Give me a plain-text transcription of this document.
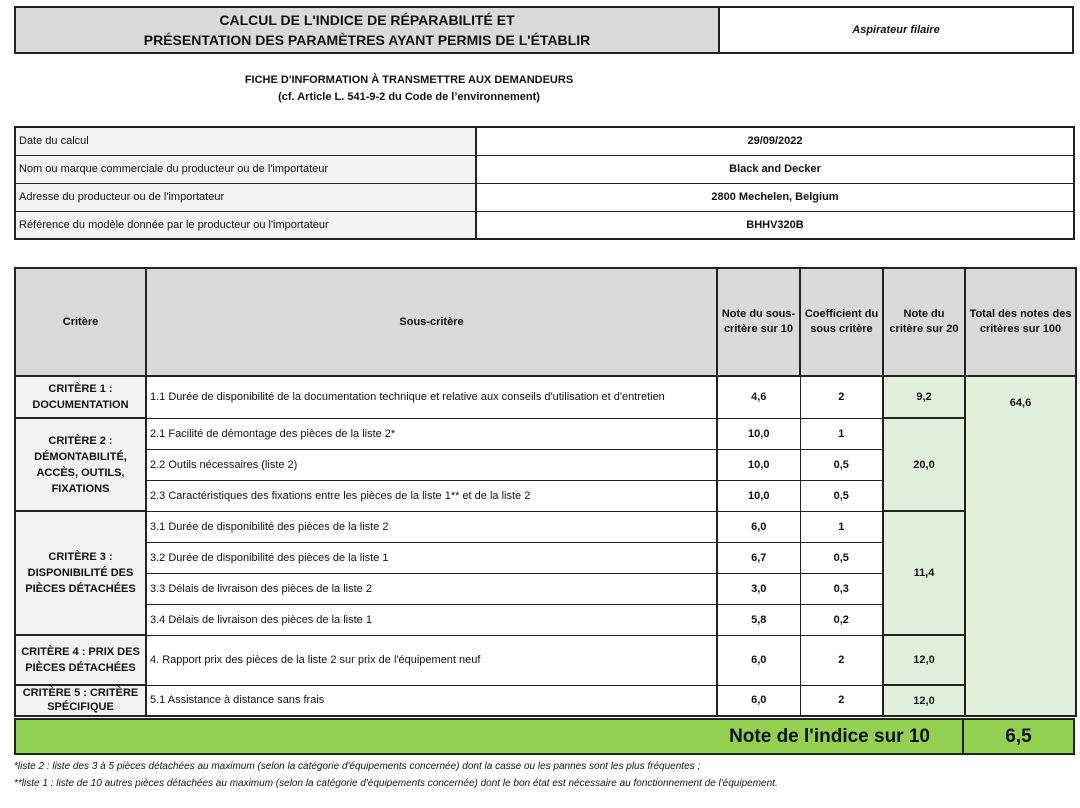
CALCUL DE L'INDICE DE RÉPARABILITÉ ET
PRÉSENTATION DES PARAMÈTRES AYANT PERMIS DE L'ÉTABLIR
Aspirateur filaire
FICHE D'INFORMATION À TRANSMETTRE AUX DEMANDEURS
(cf. Article L. 541-9-2 du Code de l’environnement)
Date du calcul	29/09/2022
Nom ou marque commerciale du producteur ou de l'importateur	Black and Decker
Adresse du producteur ou de l'importateur	2800 Mechelen, Belgium
Référence du modèle donnée par le producteur ou l'importateur	BHHV320B
Critère	Sous-critère	Note du sous-critère sur 10	Coefficient du sous critère	Note du critère sur 20	Total des notes des critères sur 100
CRITÈRE 1 : DOCUMENTATION	1.1 Durée de disponibilité de la documentation technique et relative aux conseils d'utilisation et d'entretien	4,6	2	9,2	64,6
CRITÈRE 2 : DÉMONTABILITÉ, ACCÈS, OUTILS, FIXATIONS	2.1 Facilité de démontage des pièces de la liste 2*	10,0	1	20,0	
	2.2 Outils nécessaires (liste 2)	10,0	0,5		
	2.3 Caractéristiques des fixations entre les pièces de la liste 1** et de la liste 2	10,0	0,5		
CRITÈRE 3 : DISPONIBILITÉ DES PIÈCES DÉTACHÉES	3.1 Durée de disponibilité des pièces de la liste 2	6,0	1	11,4	
	3.2 Durée de disponibilité des pièces de la liste 1	6,7	0,5		
	3.3 Délais de livraison des pièces de la liste 2	3,0	0,3		
	3.4 Délais de livraison des pièces de la liste 1	5,8	0,2		
CRITÈRE 4 : PRIX DES PIÈCES DÉTACHÉES	4. Rapport prix des pièces de la liste 2 sur prix de l'équipement neuf	6,0	2	12,0	

CRITÈRE 5 : CRITÈRE SPÉCIFIQUE	5.1 Assistance à distance sans frais	6,0	2	12,0	
Note de l'indice sur 10	6,5
*liste 2 : liste des 3 à 5 pièces détachées au maximum (selon la catégorie d'équipements concernée) dont la casse ou les pannes sont les plus fréquentes ;
**liste 1 : liste de 10 autres pièces détachées au maximum (selon la catégorie d'équipements concernée) dont le bon état est nécessaire au fonctionnement de l'équipement.
